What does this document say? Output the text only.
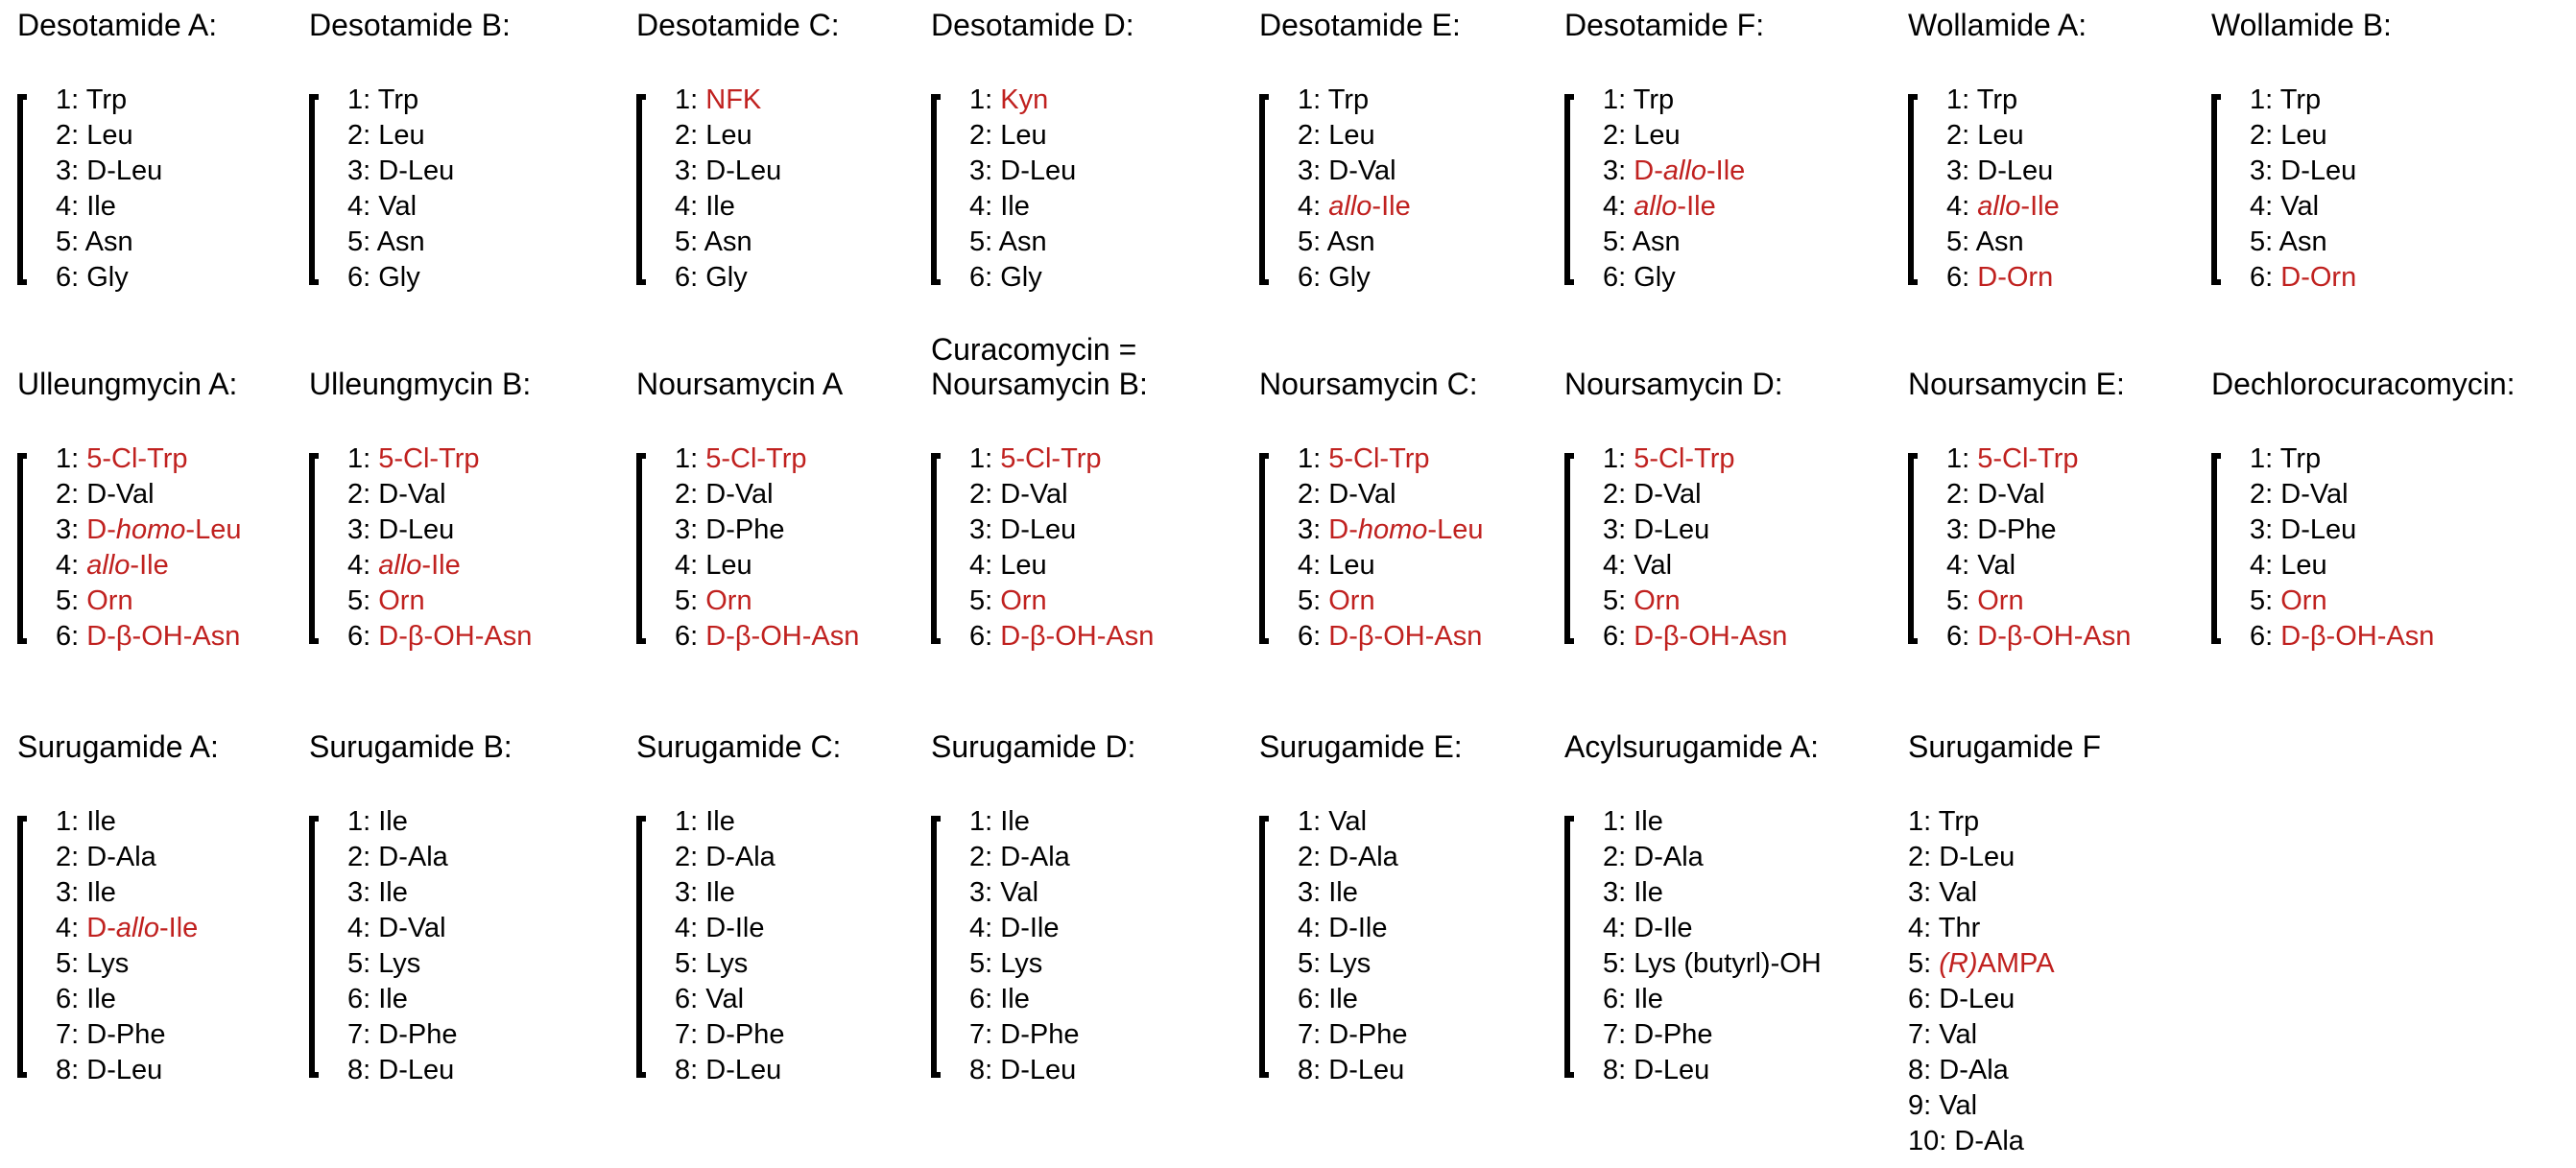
Desotamide A:
1: Trp
2: Leu
3: D-Leu
4: Ile
5: Asn
6: Gly
Desotamide B:
1: Trp
2: Leu
3: D-Leu
4: Val
5: Asn
6: Gly
Desotamide C:
1: NFK
2: Leu
3: D-Leu
4: Ile
5: Asn
6: Gly
Desotamide D:
1: Kyn
2: Leu
3: D-Leu
4: Ile
5: Asn
6: Gly
Desotamide E:
1: Trp
2: Leu
3: D-Val
4: allo-Ile
5: Asn
6: Gly
Desotamide F:
1: Trp
2: Leu
3: D-allo-Ile
4: allo-Ile
5: Asn
6: Gly
Wollamide A:
1: Trp
2: Leu
3: D-Leu
4: allo-Ile
5: Asn
6: D-Orn
Wollamide B:
1: Trp
2: Leu
3: D-Leu
4: Val
5: Asn
6: D-Orn
Ulleungmycin A:
1: 5-Cl-Trp
2: D-Val
3: D-homo-Leu
4: allo-Ile
5: Orn
6: D-β-OH-Asn
Ulleungmycin B:
1: 5-Cl-Trp
2: D-Val
3: D-Leu
4: allo-Ile
5: Orn
6: D-β-OH-Asn
Noursamycin A
1: 5-Cl-Trp
2: D-Val
3: D-Phe
4: Leu
5: Orn
6: D-β-OH-Asn
Curacomycin =
Noursamycin B:
1: 5-Cl-Trp
2: D-Val
3: D-Leu
4: Leu
5: Orn
6: D-β-OH-Asn
Noursamycin C:
1: 5-Cl-Trp
2: D-Val
3: D-homo-Leu
4: Leu
5: Orn
6: D-β-OH-Asn
Noursamycin D:
1: 5-Cl-Trp
2: D-Val
3: D-Leu
4: Val
5: Orn
6: D-β-OH-Asn
Noursamycin E:
1: 5-Cl-Trp
2: D-Val
3: D-Phe
4: Val
5: Orn
6: D-β-OH-Asn
Dechlorocuracomycin:
1: Trp
2: D-Val
3: D-Leu
4: Leu
5: Orn
6: D-β-OH-Asn
Surugamide A:
1: Ile
2: D-Ala
3: Ile
4: D-allo-Ile
5: Lys
6: Ile
7: D-Phe
8: D-Leu
Surugamide B:
1: Ile
2: D-Ala
3: Ile
4: D-Val
5: Lys
6: Ile
7: D-Phe
8: D-Leu
Surugamide C:
1: Ile
2: D-Ala
3: Ile
4: D-Ile
5: Lys
6: Val
7: D-Phe
8: D-Leu
Surugamide D:
1: Ile
2: D-Ala
3: Val
4: D-Ile
5: Lys
6: Ile
7: D-Phe
8: D-Leu
Surugamide E:
1: Val
2: D-Ala
3: Ile
4: D-Ile
5: Lys
6: Ile
7: D-Phe
8: D-Leu
Acylsurugamide A:
1: Ile
2: D-Ala
3: Ile
4: D-Ile
5: Lys (butyrl)-OH
6: Ile
7: D-Phe
8: D-Leu
Surugamide F
1: Trp
2: D-Leu
3: Val
4: Thr
5: (R)AMPA
6: D-Leu
7: Val
8: D-Ala
9: Val
10: D-Ala
